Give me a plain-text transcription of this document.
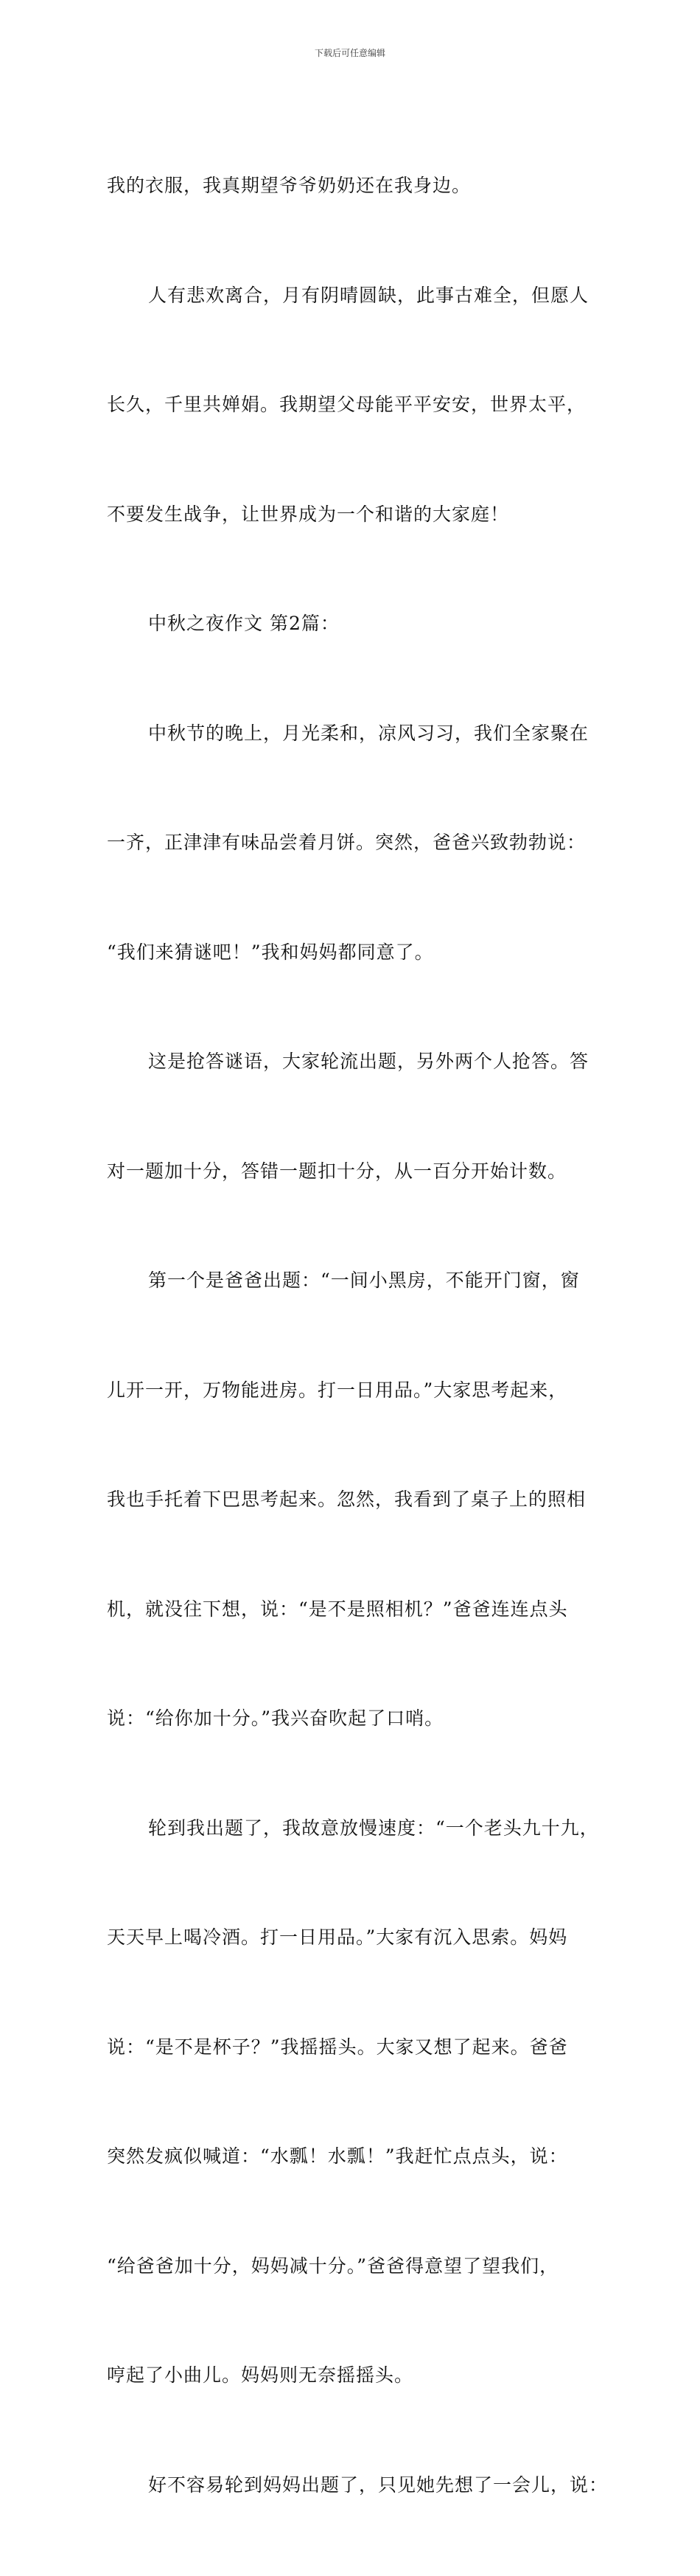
下载后可任意编辑

我的衣服，我真期望爷爷奶奶还在我身边。

人有悲欢离合，月有阴晴圆缺，此事古难全，但愿人

长久，千里共婵娟。我期望父母能平平安安，世界太平，

不要发生战争，让世界成为一个和谐的大家庭！

中秋之夜作文 第2篇：

中秋节的晚上，月光柔和，凉风习习，我们全家聚在

一齐，正津津有味品尝着月饼。突然，爸爸兴致勃勃说：

“我们来猜谜吧！”我和妈妈都同意了。

这是抢答谜语，大家轮流出题，另外两个人抢答。答

对一题加十分，答错一题扣十分，从一百分开始计数。

第一个是爸爸出题：“一间小黑房，不能开门窗，窗

儿开一开，万物能进房。打一日用品。”大家思考起来，

我也手托着下巴思考起来。忽然，我看到了桌子上的照相

机，就没往下想，说：“是不是照相机？”爸爸连连点头

说：“给你加十分。”我兴奋吹起了口哨。

轮到我出题了，我故意放慢速度：“一个老头九十九，

天天早上喝冷酒。打一日用品。”大家有沉入思索。妈妈

说：“是不是杯子？”我摇摇头。大家又想了起来。爸爸

突然发疯似喊道：“水瓢！水瓢！”我赶忙点点头，说：

“给爸爸加十分，妈妈减十分。”爸爸得意望了望我们，

哼起了小曲儿。妈妈则无奈摇摇头。

好不容易轮到妈妈出题了，只见她先想了一会儿，说：
